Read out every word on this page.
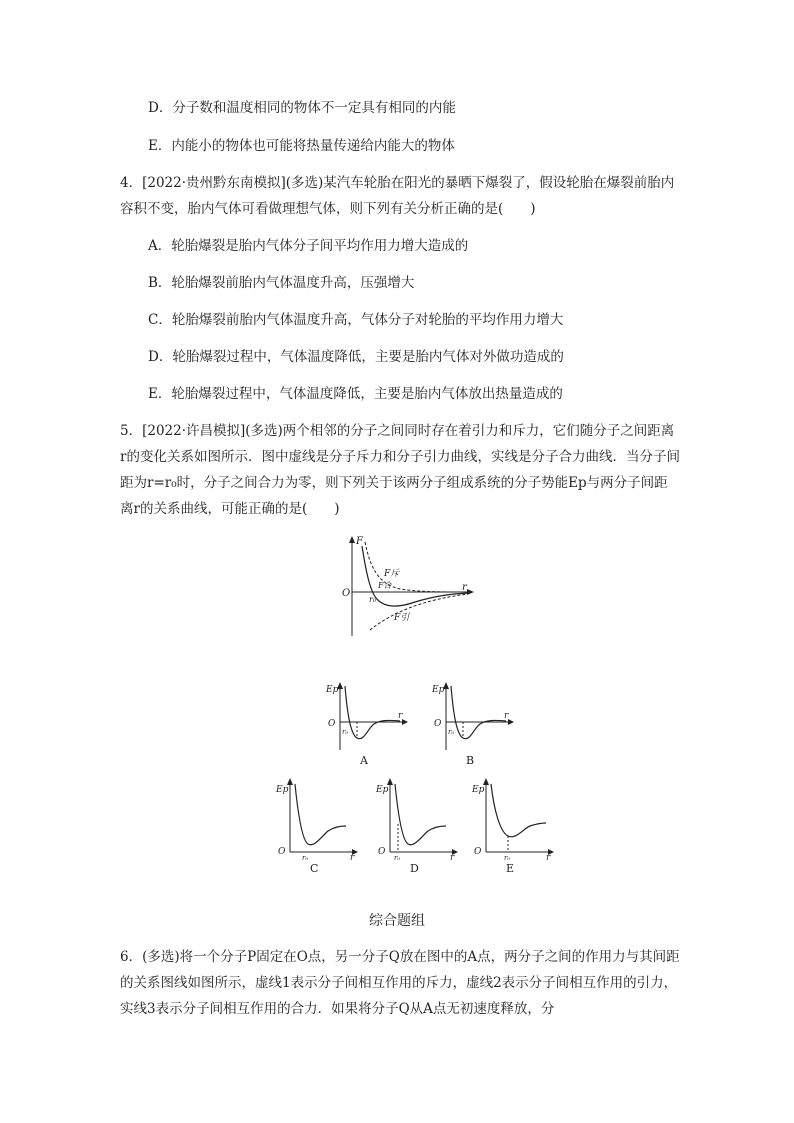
D．分子数和温度相同的物体不一定具有相同的内能
E．内能小的物体也可能将热量传递给内能大的物体
4．[2022·贵州黔东南模拟](多选)某汽车轮胎在阳光的暴晒下爆裂了，假设轮胎在爆裂前胎内容积不变，胎内气体可看做理想气体，则下列有关分析正确的是(　　)
A．轮胎爆裂是胎内气体分子间平均作用力增大造成的
B．轮胎爆裂前胎内气体温度升高，压强增大
C．轮胎爆裂前胎内气体温度升高，气体分子对轮胎的平均作用力增大
D．轮胎爆裂过程中，气体温度降低，主要是胎内气体对外做功造成的
E．轮胎爆裂过程中，气体温度降低，主要是胎内气体放出热量造成的
5．[2022·许昌模拟](多选)两个相邻的分子之间同时存在着引力和斥力，它们随分子之间距离r的变化关系如图所示．图中虚线是分子斥力和分子引力曲线，实线是分子合力曲线．当分子间距为r=r₀时，分子之间合力为零，则下列关于该两分子组成系统的分子势能Ep与两分子间距离r的关系曲线，可能正确的是(　　)
F
O
r₀
r
F斥
F合
F引
Ep
O
r₀
r
A
Ep
O
r₀
r
B
Ep
O
r₀	r
C
Ep
O
r₀	r
D
Ep
O
r₀	r
E
综合题组
6．(多选)将一个分子P固定在O点，另一分子Q放在图中的A点，两分子之间的作用力与其间距的关系图线如图所示，虚线1表示分子间相互作用的斥力，虚线2表示分子间相互作用的引力，实线3表示分子间相互作用的合力．如果将分子Q从A点无初速度释放，分
